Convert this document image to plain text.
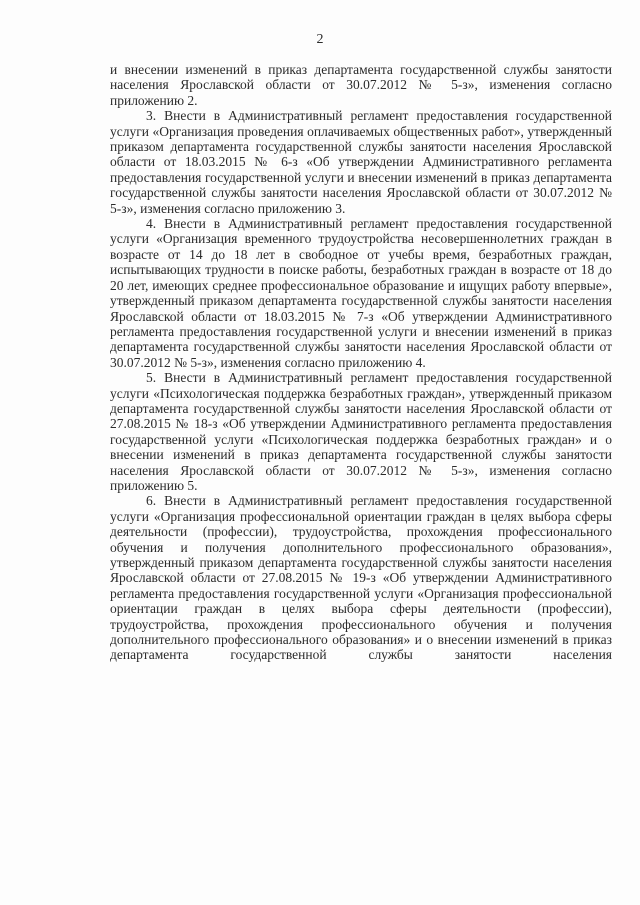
2

и внесении изменений в приказ департамента государственной службы занятости населения Ярославской области от 30.07.2012 № 5-з», изменения согласно приложению 2.

3. Внести в Административный регламент предоставления государственной услуги «Организация проведения оплачиваемых общественных работ», утвержденный приказом департамента государственной службы занятости населения Ярославской области от 18.03.2015 № 6-з «Об утверждении Административного регламента предоставления государственной услуги и внесении изменений в приказ департамента государственной службы занятости населения Ярославской области от 30.07.2012 № 5-з», изменения согласно приложению 3.

4. Внести в Административный регламент предоставления государственной услуги «Организация временного трудоустройства несовершеннолетних граждан в возрасте от 14 до 18 лет в свободное от учебы время, безработных граждан, испытывающих трудности в поиске работы, безработных граждан в возрасте от 18 до 20 лет, имеющих среднее профессиональное образование и ищущих работу впервые», утвержденный приказом департамента государственной службы занятости населения Ярославской области от 18.03.2015 № 7-з «Об утверждении Административного регламента предоставления государственной услуги и внесении изменений в приказ департамента государственной службы занятости населения Ярославской области от 30.07.2012 № 5-з», изменения согласно приложению 4.

5. Внести в Административный регламент предоставления государственной услуги «Психологическая поддержка безработных граждан», утвержденный приказом департамента государственной службы занятости населения Ярославской области от 27.08.2015 № 18-з «Об утверждении Административного регламента предоставления государственной услуги «Психологическая поддержка безработных граждан» и о внесении изменений в приказ департамента государственной службы занятости населения Ярославской области от 30.07.2012 № 5-з», изменения согласно приложению 5.

6. Внести в Административный регламент предоставления государственной услуги «Организация профессиональной ориентации граждан в целях выбора сферы деятельности (профессии), трудоустройства, прохождения профессионального обучения и получения дополнительного профессионального образования», утвержденный приказом департамента государственной службы занятости населения Ярославской области от 27.08.2015 № 19-з «Об утверждении Административного регламента предоставления государственной услуги «Организация профессиональной ориентации граждан в целях выбора сферы деятельности (профессии), трудоустройства, прохождения профессионального обучения и получения дополнительного профессионального образования» и о внесении изменений в приказ департамента государственной службы занятости населения
